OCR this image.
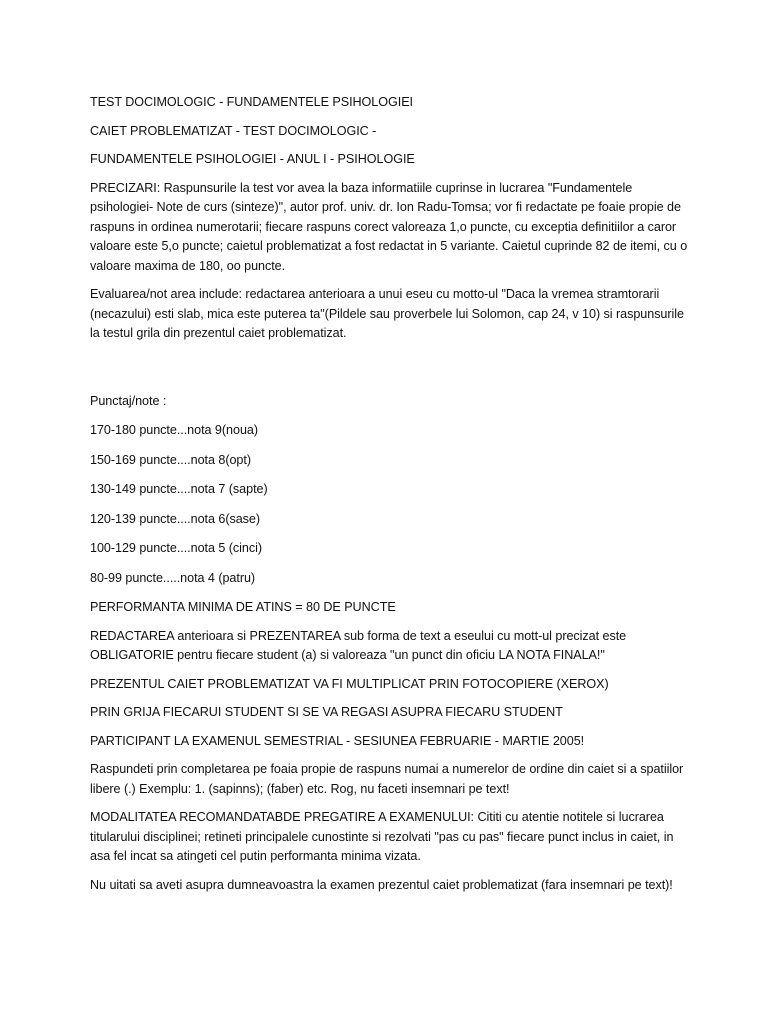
TEST DOCIMOLOGIC - FUNDAMENTELE PSIHOLOGIEI

CAIET PROBLEMATIZAT - TEST DOCIMOLOGIC -

FUNDAMENTELE PSIHOLOGIEI - ANUL I - PSIHOLOGIE

PRECIZARI: Raspunsurile la test vor avea la baza informatiile cuprinse in lucrarea "Fundamentele psihologiei- Note de curs (sinteze)", autor prof. univ. dr. Ion Radu-Tomsa; vor fi redactate pe foaie propie de raspuns in ordinea numerotarii; fiecare raspuns corect valoreaza 1,o puncte, cu exceptia definitiilor a caror valoare este 5,o puncte; caietul problematizat a fost redactat in 5 variante. Caietul cuprinde 82 de itemi, cu o valoare maxima de 180, oo puncte.

Evaluarea/not area include: redactarea anterioara a unui eseu cu motto-ul "Daca la vremea stramtorarii (necazului) esti slab, mica este puterea ta"(Pildele sau proverbele lui Solomon, cap 24, v 10) si raspunsurile la testul grila din prezentul caiet problematizat.

Punctaj/note :

170-180 puncte...nota 9(noua)

150-169 puncte....nota 8(opt)

130-149 puncte....nota 7 (sapte)

120-139 puncte....nota 6(sase)

100-129 puncte....nota 5 (cinci)

80-99 puncte.....nota 4 (patru)

PERFORMANTA MINIMA DE ATINS = 80 DE PUNCTE

REDACTAREA anterioara si PREZENTAREA sub forma de text a eseului cu mott-ul precizat este OBLIGATORIE pentru fiecare student (a) si valoreaza "un punct din oficiu LA NOTA FINALA!"

PREZENTUL CAIET PROBLEMATIZAT VA FI MULTIPLICAT PRIN FOTOCOPIERE (XEROX)

PRIN GRIJA FIECARUI STUDENT SI SE VA REGASI ASUPRA FIECARU STUDENT

PARTICIPANT LA EXAMENUL SEMESTRIAL - SESIUNEA FEBRUARIE - MARTIE 2005!

Raspundeti prin completarea pe foaia propie de raspuns numai a numerelor de ordine din caiet si a spatiilor libere (.) Exemplu: 1. (sapinns); (faber) etc. Rog, nu faceti insemnari pe text!

MODALITATEA RECOMANDATABDE PREGATIRE A EXAMENULUI: Cititi cu atentie notitele si lucrarea titularului disciplinei; retineti principalele cunostinte si rezolvati "pas cu pas" fiecare punct inclus in caiet, in asa fel incat sa atingeti cel putin performanta minima vizata.

Nu uitati sa aveti asupra dumneavoastra la examen prezentul caiet problematizat (fara insemnari pe text)!
